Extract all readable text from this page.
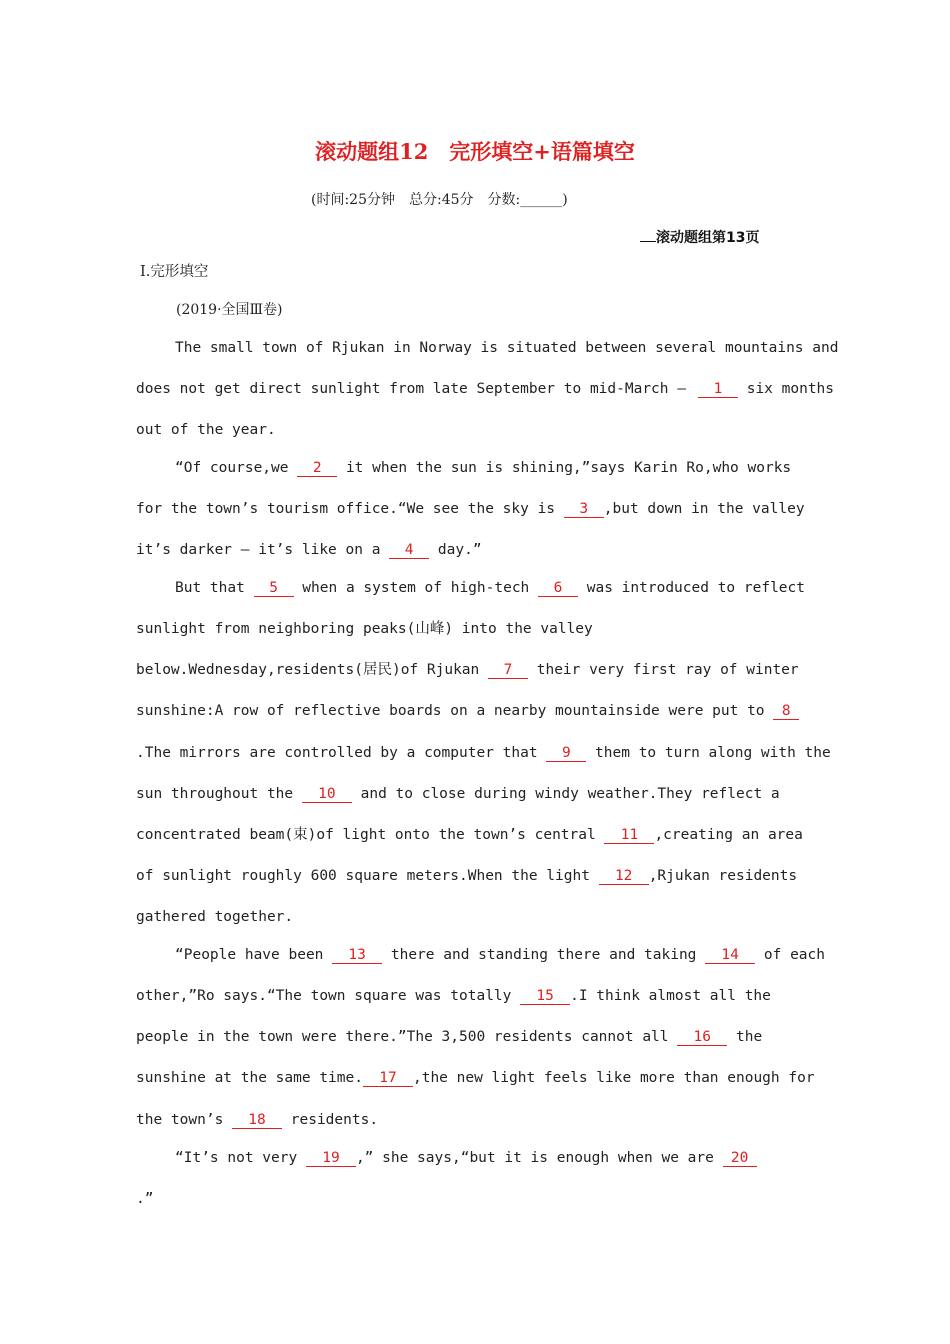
滚动题组12　完形填空+语篇填空
(时间:25分钟　总分:45分　分数:______)
滚动题组第13页
Ⅰ.完形填空
(2019·全国Ⅲ卷)
The small town of Rjukan in Norway is situated between several mountains and
does not get direct sunlight from late September to mid-March — 1 six months
out of the year.
“Of course,we 2 it when the sun is shining,”says Karin Ro,who works
for the town’s tourism office.“We see the sky is 3 ,but down in the valley
it’s darker — it’s like on a 4 day.”
But that 5 when a system of high-tech 6 was introduced to reflect
sunlight from neighboring peaks(山峰) into the valley
below.Wednesday,residents(居民)of Rjukan 7 their very first ray of winter
sunshine:A row of reflective boards on a nearby mountainside were put to 8
.The mirrors are controlled by a computer that 9 them to turn along with the
sun throughout the 10 and to close during windy weather.They reflect a
concentrated beam(束)of light onto the town’s central 11 ,creating an area
of sunlight roughly 600 square meters.When the light 12 ,Rjukan residents
gathered together.
“People have been 13 there and standing there and taking 14 of each
other,”Ro says.“The town square was totally 15 .I think almost all the
people in the town were there.”The 3,500 residents cannot all 16 the
sunshine at the same time. 17 ,the new light feels like more than enough for
the town’s 18 residents.
“It’s not very 19 ,” she says,“but it is enough when we are 20
.”
